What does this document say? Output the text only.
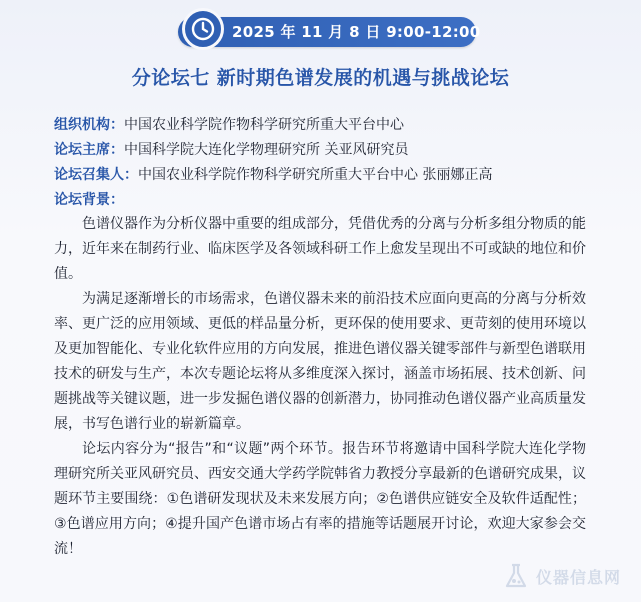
2025 年 11 月 8 日 9:00-12:00
分论坛七 新时期色谱发展的机遇与挑战论坛
组织机构：中国农业科学院作物科学研究所重大平台中心
论坛主席：中国科学院大连化学物理研究所 关亚风研究员
论坛召集人：中国农业科学院作物科学研究所重大平台中心 张丽娜正高
论坛背景：

色谱仪器作为分析仪器中重要的组成部分，凭借优秀的分离与分析多组分物质的能力，近年来在制药行业、临床医学及各领域科研工作上愈发呈现出不可或缺的地位和价值。

为满足逐渐增长的市场需求，色谱仪器未来的前沿技术应面向更高的分离与分析效率、更广泛的应用领域、更低的样品量分析，更环保的使用要求、更苛刻的使用环境以及更加智能化、专业化软件应用的方向发展，推进色谱仪器关键零部件与新型色谱联用技术的研发与生产，本次专题论坛将从多维度深入探讨，涵盖市场拓展、技术创新、问题挑战等关键议题，进一步发掘色谱仪器的创新潜力，协同推动色谱仪器产业高质量发展，书写色谱行业的崭新篇章。

论坛内容分为“报告”和“议题”两个环节。报告环节将邀请中国科学院大连化学物理研究所关亚风研究员、西安交通大学药学院韩省力教授分享最新的色谱研究成果，议题环节主要围绕：①色谱研发现状及未来发展方向；②色谱供应链安全及软件适配性；③色谱应用方向；④提升国产色谱市场占有率的措施等话题展开讨论，欢迎大家参会交流！

仪器信息网
